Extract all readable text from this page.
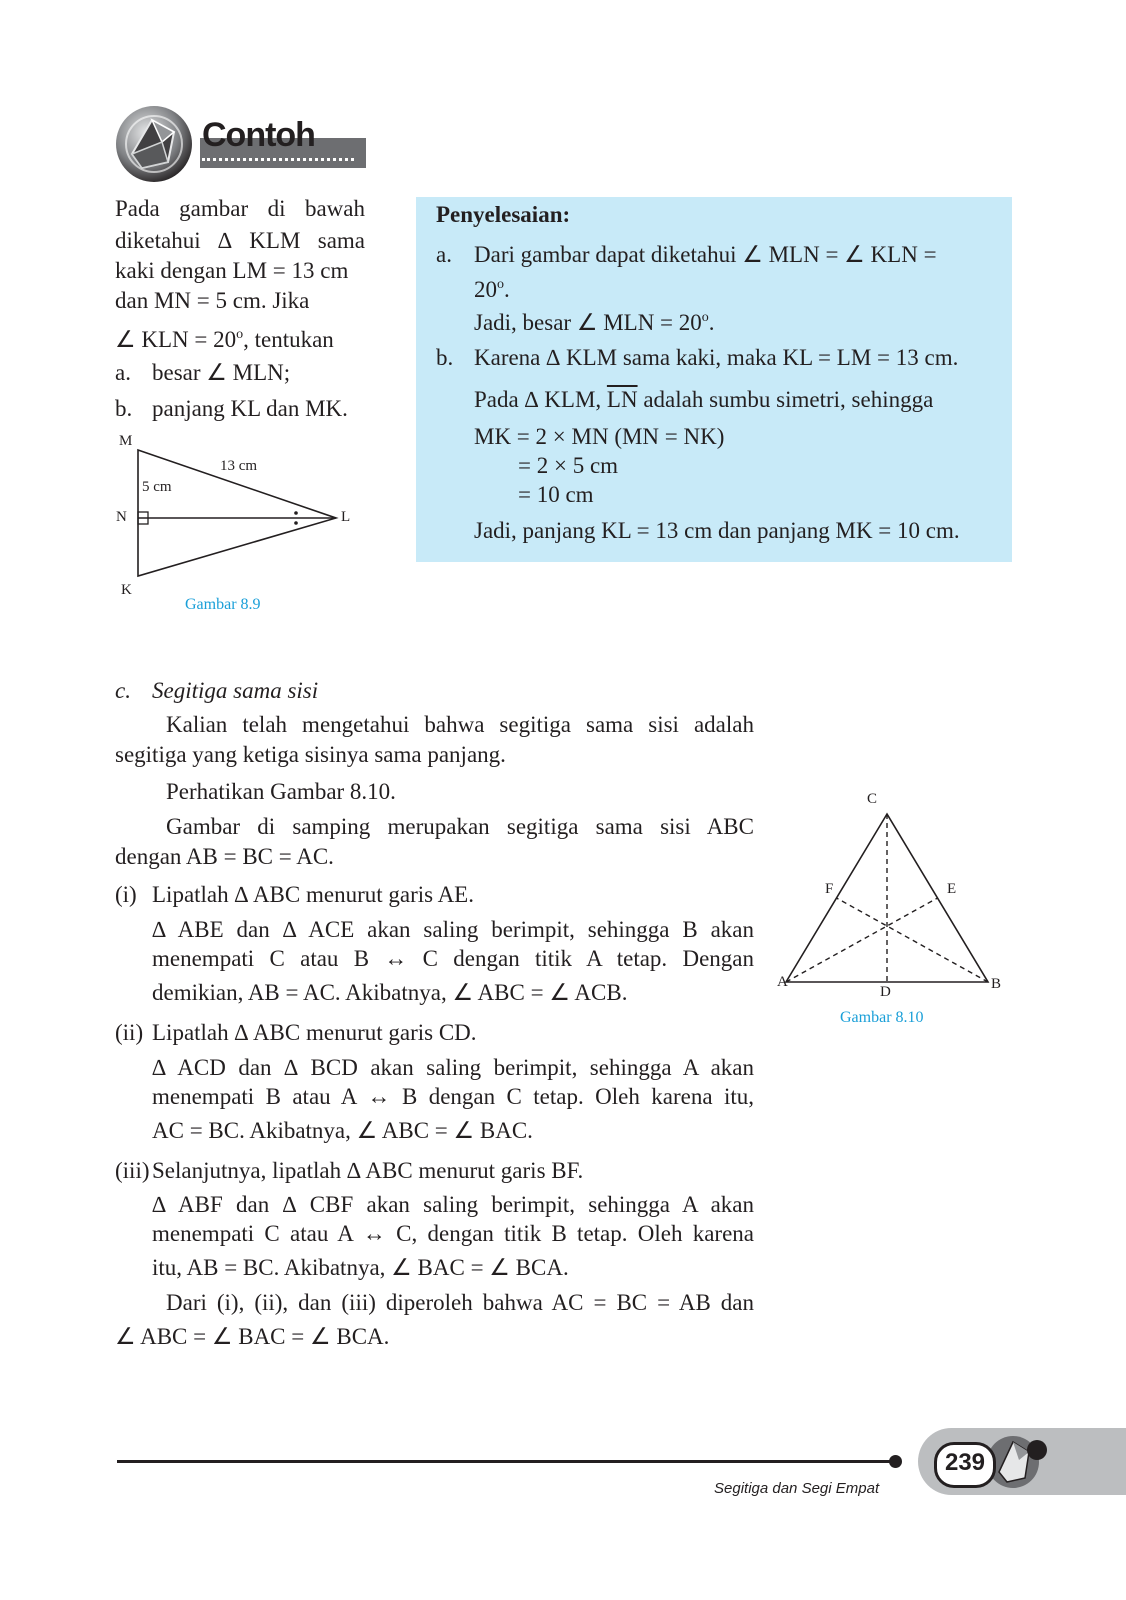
Contoh
Pada gambar di bawah
diketahui ∆ KLM sama
kaki dengan LM = 13 cm
dan MN = 5 cm. Jika
∠ KLN = $20^o$, tentukan
a. besar ∠ MLN;
b. panjang KL dan MK.
M
13 cm
5 cm
N	L
K
Gambar 8.9
Penyelesaian:
a. Dari gambar dapat diketahui ∠ MLN = ∠ KLN =
$20^o$.
Jadi, besar ∠ MLN = $20^o$.
b. Karena ∆ KLM sama kaki, maka KL = LM = 13 cm.
Pada ∆ KLM, $\overline{LN}$ adalah sumbu simetri, sehingga
MK = 2 × MN (MN = NK)
= 2 × 5 cm
= 10 cm
Jadi, panjang KL = 13 cm dan panjang MK = 10 cm.
c. Segitiga sama sisi
Kalian telah mengetahui bahwa segitiga sama sisi adalah
segitiga yang ketiga sisinya sama panjang.
Perhatikan Gambar 8.10.
Gambar di samping merupakan segitiga sama sisi ABC
dengan AB = BC = AC.
(i) Lipatlah ∆ ABC menurut garis AE.
∆ ABE dan ∆ ACE akan saling berimpit, sehingga B akan
menempati C atau B ↔ C dengan titik A tetap. Dengan
demikian, AB = AC. Akibatnya, ∠ ABC = ∠ ACB.
(ii) Lipatlah ∆ ABC menurut garis CD.
∆ ACD dan ∆ BCD akan saling berimpit, sehingga A akan
menempati B atau A ↔ B dengan C tetap. Oleh karena itu,
AC = BC. Akibatnya, ∠ ABC = ∠ BAC.
(iii) Selanjutnya, lipatlah ∆ ABC menurut garis BF.
∆ ABF dan ∆ CBF akan saling berimpit, sehingga A akan
menempati C atau A ↔ C, dengan titik B tetap. Oleh karena
itu, AB = BC. Akibatnya, ∠ BAC = ∠ BCA.
Dari (i), (ii), dan (iii) diperoleh bahwa AC = BC = AB dan
∠ ABC = ∠ BAC = ∠ BCA.
C
F	E
A	B
D
Gambar 8.10
Segitiga dan Segi Empat
239
